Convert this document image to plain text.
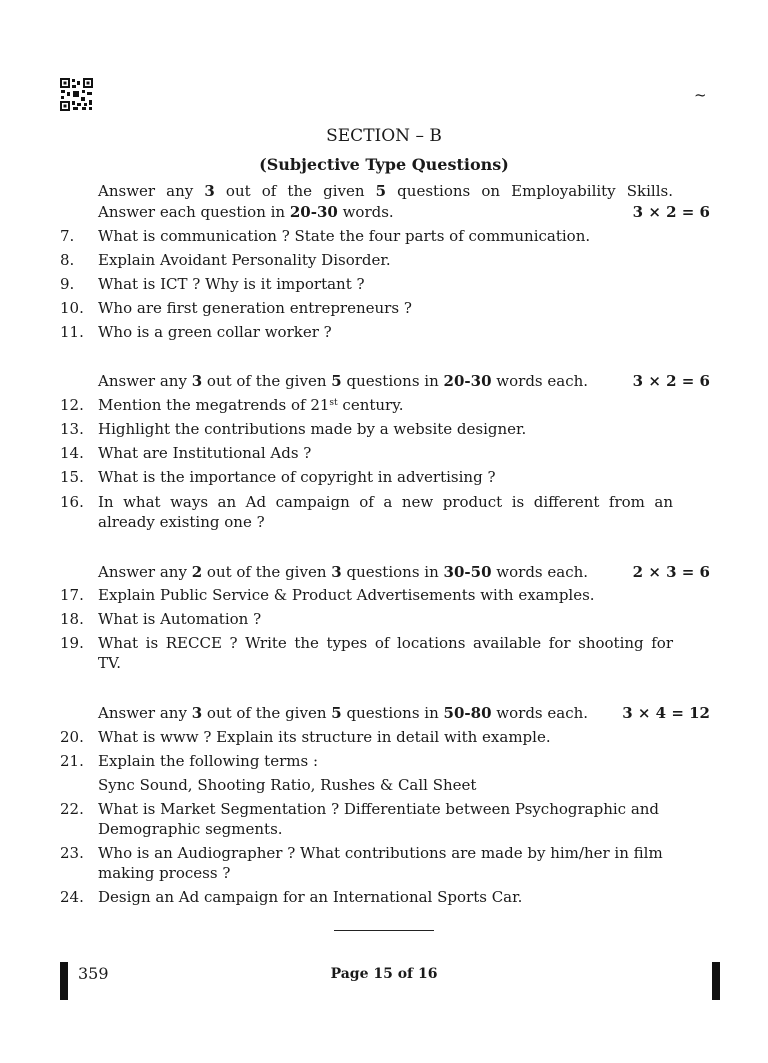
~
SECTION – B
(Subjective Type Questions)
Answer any 3 out of the given 5 questions on Employability Skills.
Answer each question in 20-30 words.	3 × 2 = 6
7.	What is communication ? State the four parts of communication.
8.	Explain Avoidant Personality Disorder.
9.	What is ICT ? Why is it important ?
10. Who are first generation entrepreneurs ?
11. Who is a green collar worker ?
Answer any 3 out of the given 5 questions in 20-30 words each.	3 × 2 = 6
12. Mention the megatrends of 21st century.
13. Highlight the contributions made by a website designer.
14. What are Institutional Ads ?
15. What is the importance of copyright in advertising ?
16. In what ways an Ad campaign of a new product is different from an
already existing one ?
Answer any 2 out of the given 3 questions in 30-50 words each.	2 × 3 = 6
17. Explain Public Service & Product Advertisements with examples.
18. What is Automation ?
19. What is RECCE ? Write the types of locations available for shooting for
TV.
Answer any 3 out of the given 5 questions in 50-80 words each.	3 × 4 = 12
20. What is www ? Explain its structure in detail with example.
21. Explain the following terms :
Sync Sound, Shooting Ratio, Rushes & Call Sheet
22. What is Market Segmentation ? Differentiate between Psychographic and
Demographic segments.
23. Who is an Audiographer ? What contributions are made by him/her in film
making process ?
24. Design an Ad campaign for an International Sports Car.
359	Page 15 of 16
